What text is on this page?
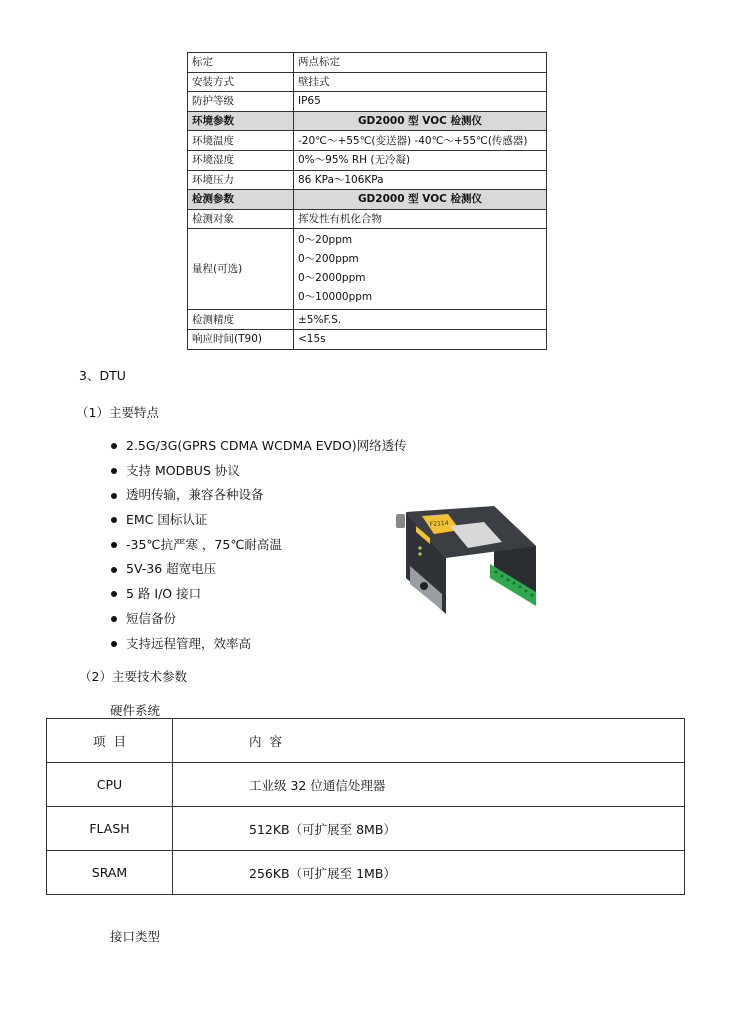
标定	两点标定
安装方式	壁挂式
防护等级	IP65
环境参数	GD2000 型 VOC 检测仪
环境温度	-20℃～+55℃(变送器) -40℃～+55℃(传感器)
环境湿度	0%～95% RH (无冷凝)
环境压力	86 KPa～106KPa
检测参数	GD2000 型 VOC 检测仪
检测对象	挥发性有机化合物
量程(可选)	0～20ppm
0～200ppm
0～2000ppm
0～10000ppm

检测精度	±5%F.S.
响应时间(T90)	<15s
3、DTU
（1）主要特点
2.5G/3G(GPRS CDMA WCDMA EVDO)网络透传
支持 MODBUS 协议
透明传输，兼容各种设备
EMC 国标认证
-35℃抗严寒 ，75℃耐高温
5V-36 超宽电压
5 路 I/O 接口
短信备份
支持远程管理，效率高
F2114
（2）主要技术参数
硬件系统
项  目	内  容
CPU	工业级 32 位通信处理器
FLASH	512KB（可扩展至 8MB）
SRAM	256KB（可扩展至 1MB）
接口类型
